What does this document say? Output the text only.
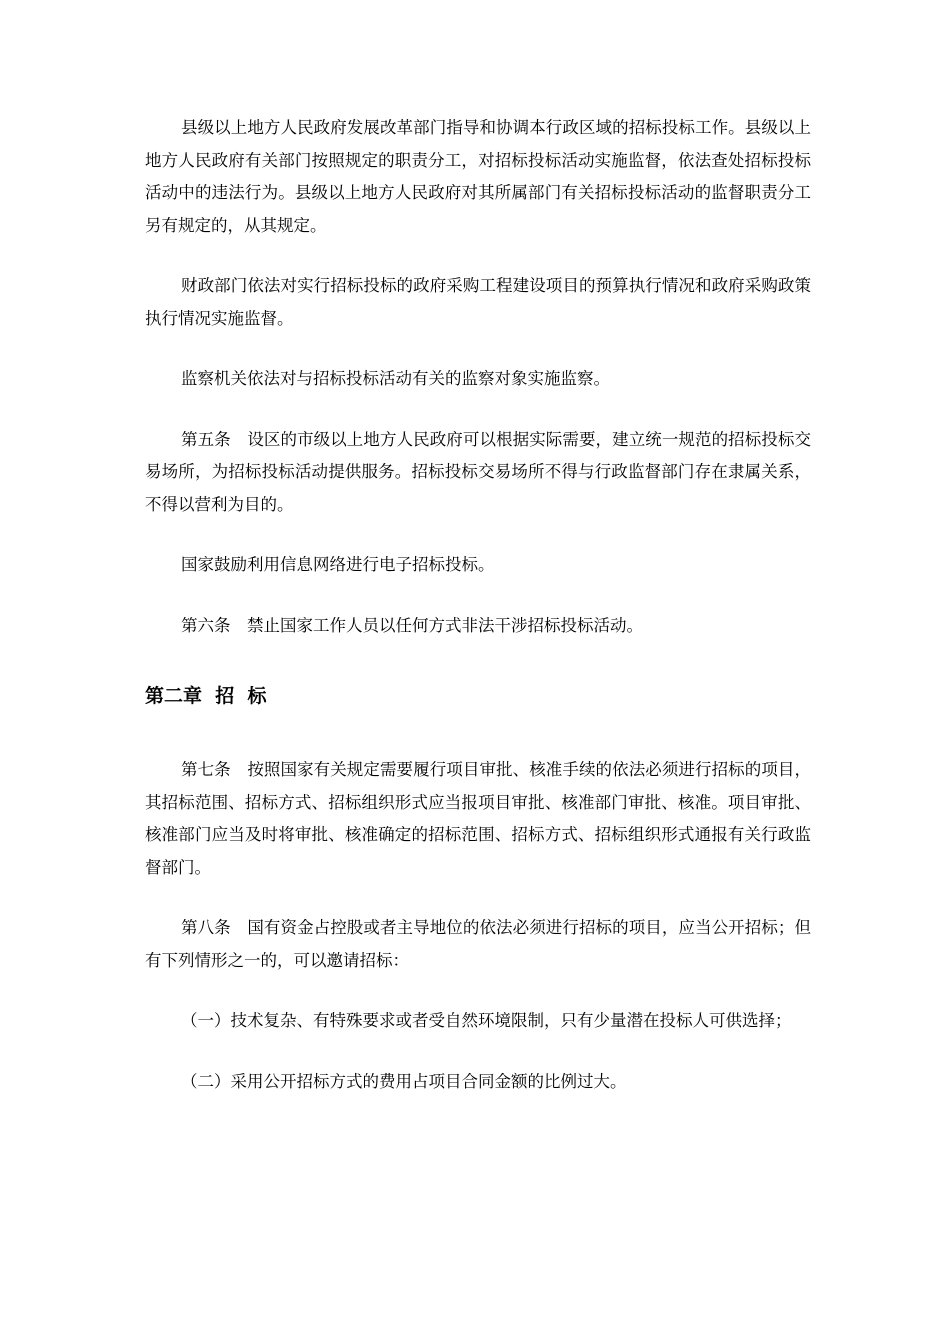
县级以上地方人民政府发展改革部门指导和协调本行政区域的招标投标工作。县级以上地方人民政府有关部门按照规定的职责分工，对招标投标活动实施监督，依法查处招标投标活动中的违法行为。县级以上地方人民政府对其所属部门有关招标投标活动的监督职责分工另有规定的，从其规定。

财政部门依法对实行招标投标的政府采购工程建设项目的预算执行情况和政府采购政策执行情况实施监督。

监察机关依法对与招标投标活动有关的监察对象实施监察。

第五条　设区的市级以上地方人民政府可以根据实际需要，建立统一规范的招标投标交易场所，为招标投标活动提供服务。招标投标交易场所不得与行政监督部门存在隶属关系，不得以营利为目的。

国家鼓励利用信息网络进行电子招标投标。

第六条　禁止国家工作人员以任何方式非法干涉招标投标活动。

第二章  招  标

第七条　按照国家有关规定需要履行项目审批、核准手续的依法必须进行招标的项目，其招标范围、招标方式、招标组织形式应当报项目审批、核准部门审批、核准。项目审批、核准部门应当及时将审批、核准确定的招标范围、招标方式、招标组织形式通报有关行政监督部门。

第八条　国有资金占控股或者主导地位的依法必须进行招标的项目，应当公开招标；但有下列情形之一的，可以邀请招标：

（一）技术复杂、有特殊要求或者受自然环境限制，只有少量潜在投标人可供选择；

（二）采用公开招标方式的费用占项目合同金额的比例过大。
